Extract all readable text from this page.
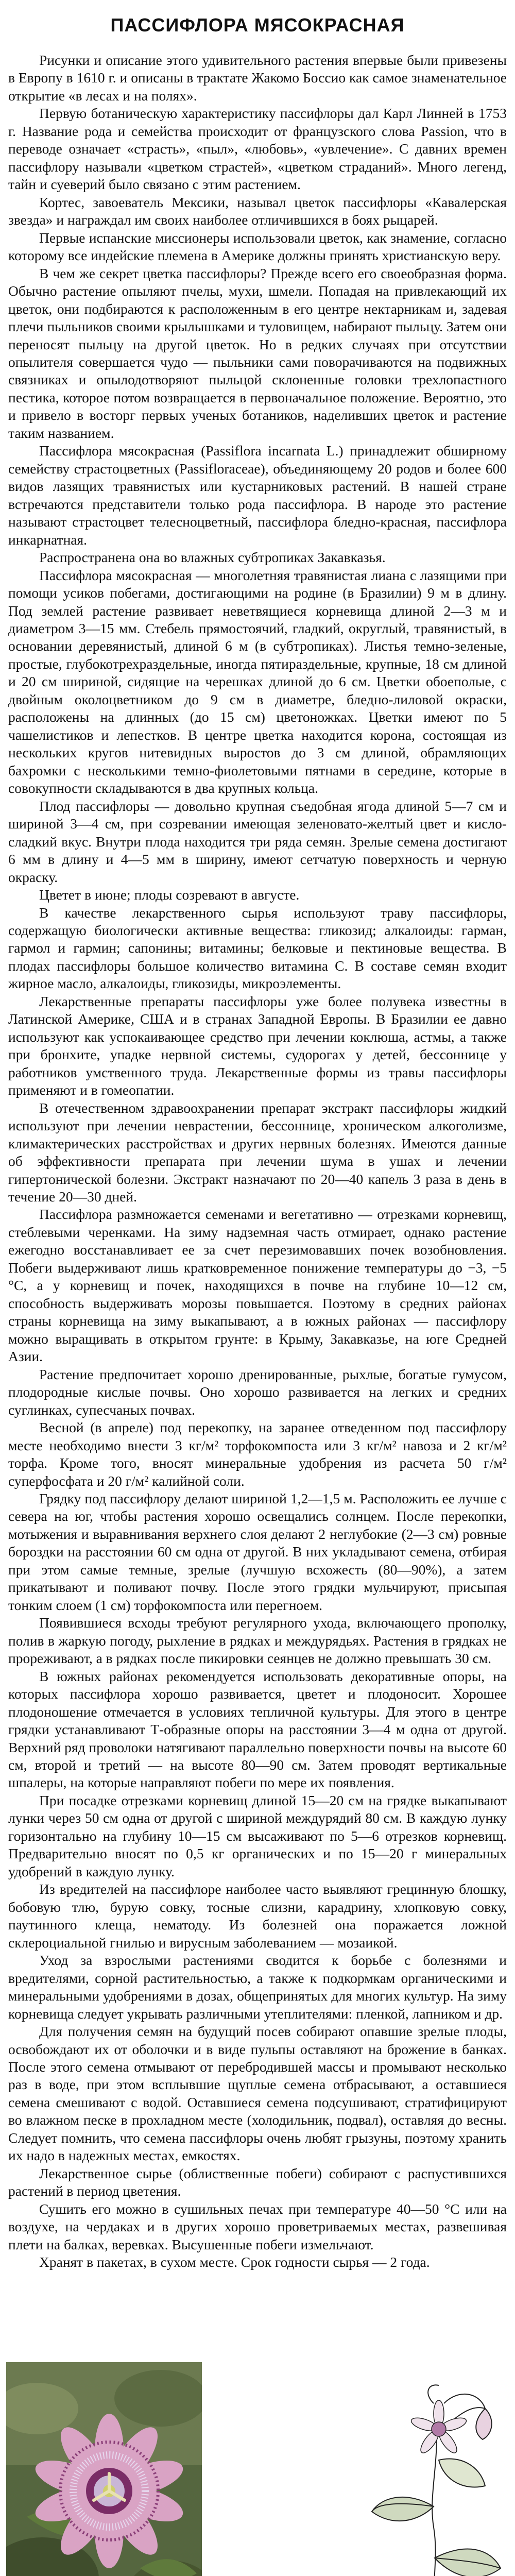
ПАССИФЛОРА МЯСОКРАСНАЯ

Рисунки и описание этого удивительного растения впервые были привезены в Европу в 1610 г. и описаны в трактате Жакомо Боссио как самое знаменательное открытие «в лесах и на полях».

Первую ботаническую характеристику пассифлоры дал Карл Линней в 1753 г. Название рода и семейства происходит от французского слова Passion, что в переводе означает «страсть», «пыл», «любовь», «увлечение». С давних времен пассифлору называли «цветком страстей», «цветком страданий». Много легенд, тайн и суеверий было связано с этим растением.

Кортес, завоеватель Мексики, называл цветок пассифлоры «Кавалерская звезда» и награждал им своих наиболее отличившихся в боях рыцарей.

Первые испанские миссионеры использовали цветок, как знамение, согласно которому все индейские племена в Америке должны принять христианскую веру.

В чем же секрет цветка пассифлоры? Прежде всего его своеобразная форма. Обычно растение опыляют пчелы, мухи, шмели. Попадая на привлекающий их цветок, они подбираются к расположенным в его центре нектарникам и, задевая плечи пыльников своими крылышками и туловищем, набирают пыльцу. Затем они переносят пыльцу на другой цветок. Но в редких случаях при отсутствии опылителя совершается чудо — пыльники сами поворачиваются на подвижных связниках и опылодотворяют пыльцой склоненные головки трехлопастного пестика, которое потом возвращается в первоначальное положение. Вероятно, это и привело в восторг первых ученых ботаников, наделивших цветок и растение таким названием.

Пассифлора мясокрасная (Passiflora incarnata L.) принадлежит обширному семейству страстоцветных (Passifloraceae), объединяющему 20 родов и более 600 видов лазящих травянистых или кустарниковых растений. В нашей стране встречаются представители только рода пассифлора. В народе это растение называют страстоцвет телесноцветный, пассифлора бледно-красная, пассифлора инкарнатная.

Распространена она во влажных субтропиках Закавказья.

Пассифлора мясокрасная — многолетняя травянистая лиана с лазящими при помощи усиков побегами, достигающими на родине (в Бразилии) 9 м в длину. Под землей растение развивает неветвящиеся корневища длиной 2—3 м и диаметром 3—15 мм. Стебель прямостоячий, гладкий, округлый, травянистый, в основании деревянистый, длиной 6 м (в субтропиках). Листья темно-зеленые, простые, глубокотрехраздельные, иногда пятираздельные, крупные, 18 см длиной и 20 см шириной, сидящие на черешках длиной до 6 см. Цветки обоеполые, с двойным околоцветником до 9 см в диаметре, бледно-лиловой окраски, расположены на длинных (до 15 см) цветоножках. Цветки имеют по 5 чашелистиков и лепестков. В центре цветка находится корона, состоящая из нескольких кругов нитевидных выростов до 3 см длиной, обрамляющих бахромки с несколькими темно-фиолетовыми пятнами в середине, которые в совокупности складываются в два крупных кольца.

Плод пассифлоры — довольно крупная съедобная ягода длиной 5—7 см и шириной 3—4 см, при созревании имеющая зеленовато-желтый цвет и кисло-сладкий вкус. Внутри плода находится три ряда семян. Зрелые семена достигают 6 мм в длину и 4—5 мм в ширину, имеют сетчатую поверхность и черную окраску.

Цветет в июне; плоды созревают в августе.

В качестве лекарственного сырья используют траву пассифлоры, содержащую биологически активные вещества: гликозид; алкалоиды: гарман, гармол и гармин; сапонины; витамины; белковые и пектиновые вещества. В плодах пассифлоры большое количество витамина С. В составе семян входит жирное масло, алкалоиды, гликозиды, микроэлементы.

Лекарственные препараты пассифлоры уже более полувека известны в Латинской Америке, США и в странах Западной Европы. В Бразилии ее давно используют как успокаивающее средство при лечении коклюша, астмы, а также при бронхите, упадке нервной системы, судорогах у детей, бессоннице у работников умственного труда. Лекарственные формы из травы пассифлоры применяют и в гомеопатии.

В отечественном здравоохранении препарат экстракт пассифлоры жидкий используют при лечении неврастении, бессоннице, хроническом алкоголизме, климактерических расстройствах и других нервных болезнях. Имеются данные об эффективности препарата при лечении шума в ушах и лечении гипертонической болезни. Экстракт назначают по 20—40 капель 3 раза в день в течение 20—30 дней.

Пассифлора размножается семенами и вегетативно — отрезками корневищ, стеблевыми черенками. На зиму надземная часть отмирает, однако растение ежегодно восстанавливает ее за счет перезимовавших почек возобновления. Побеги выдерживают лишь кратковременное понижение температуры до −3, −5 °С, а у корневищ и почек, находящихся в почве на глубине 10—12 см, способность выдерживать морозы повышается. Поэтому в средних районах страны корневища на зиму выкапывают, а в южных районах — пассифлору можно выращивать в открытом грунте: в Крыму, Закавказье, на юге Средней Азии.

Растение предпочитает хорошо дренированные, рыхлые, богатые гумусом, плодородные кислые почвы. Оно хорошо развивается на легких и средних суглинках, супесчаных почвах.

Весной (в апреле) под перекопку, на заранее отведенном под пассифлору месте необходимо внести 3 кг/м² торфокомпоста или 3 кг/м² навоза и 2 кг/м² торфа. Кроме того, вносят минеральные удобрения из расчета 50 г/м² суперфосфата и 20 г/м² калийной соли.

Грядку под пассифлору делают шириной 1,2—1,5 м. Расположить ее лучше с севера на юг, чтобы растения хорошо освещались солнцем. После перекопки, мотыжения и выравнивания верхнего слоя делают 2 неглубокие (2—3 см) ровные бороздки на расстоянии 60 см одна от другой. В них укладывают семена, отбирая при этом самые темные, зрелые (лучшую всхожесть (80—90%), а затем прикатывают и поливают почву. После этого грядки мульчируют, присыпая тонким слоем (1 см) торфокомпоста или перегноем.

Появившиеся всходы требуют регулярного ухода, включающего прополку, полив в жаркую погоду, рыхление в рядках и междурядьях. Растения в грядках не прореживают, а в рядках после пикировки сеянцев не должно превышать 30 см.

В южных районах рекомендуется использовать декоративные опоры, на которых пассифлора хорошо развивается, цветет и плодоносит. Хорошее плодоношение отмечается в условиях тепличной культуры. Для этого в центре грядки устанавливают Т-образные опоры на расстоянии 3—4 м одна от другой. Верхний ряд проволоки натягивают параллельно поверхности почвы на высоте 60 см, второй и третий — на высоте 80—90 см. Затем проводят вертикальные шпалеры, на которые направляют побеги по мере их появления.

При посадке отрезками корневищ длиной 15—20 см на грядке выкапывают лунки через 50 см одна от другой с шириной междурядий 80 см. В каждую лунку горизонтально на глубину 10—15 см высаживают по 5—6 отрезков корневищ. Предварительно вносят по 0,5 кг органических и по 15—20 г минеральных удобрений в каждую лунку.

Из вредителей на пассифлоре наиболее часто выявляют грецинную блошку, бобовую тлю, бурую совку, тосные слизни, карадрину, хлопковую совку, паутинного клеща, нематоду. Из болезней она поражается ложной склероциальной гнилью и вирусным заболеванием — мозаикой.

Уход за взрослыми растениями сводится к борьбе с болезнями и вредителями, сорной растительностью, а также к подкормкам органическими и минеральными удобрениями в дозах, общепринятых для многих культур. На зиму корневища следует укрывать различными утеплителями: пленкой, лапником и др.

Для получения семян на будущий посев собирают опавшие зрелые плоды, освобождают их от оболочки и в виде пульпы оставляют на брожение в банках. После этого семена отмывают от перебродившей массы и промывают несколько раз в воде, при этом всплывшие щуплые семена отбрасывают, а оставшиеся семена смешивают с водой. Оставшиеся семена подсушивают, стратифицируют во влажном песке в прохладном месте (холодильник, подвал), оставляя до весны. Следует помнить, что семена пассифлоры очень любят грызуны, поэтому хранить их надо в надежных местах, емкостях.

Лекарственное сырье (облиственные побеги) собирают с распустившихся растений в период цветения.

Сушить его можно в сушильных печах при температуре 40—50 °С или на воздухе, на чердаках и в других хорошо проветриваемых местах, развешивая плети на балках, веревках. Высушенные побеги измельчают.

Хранят в пакетах, в сухом месте. Срок годности сырья — 2 года.
